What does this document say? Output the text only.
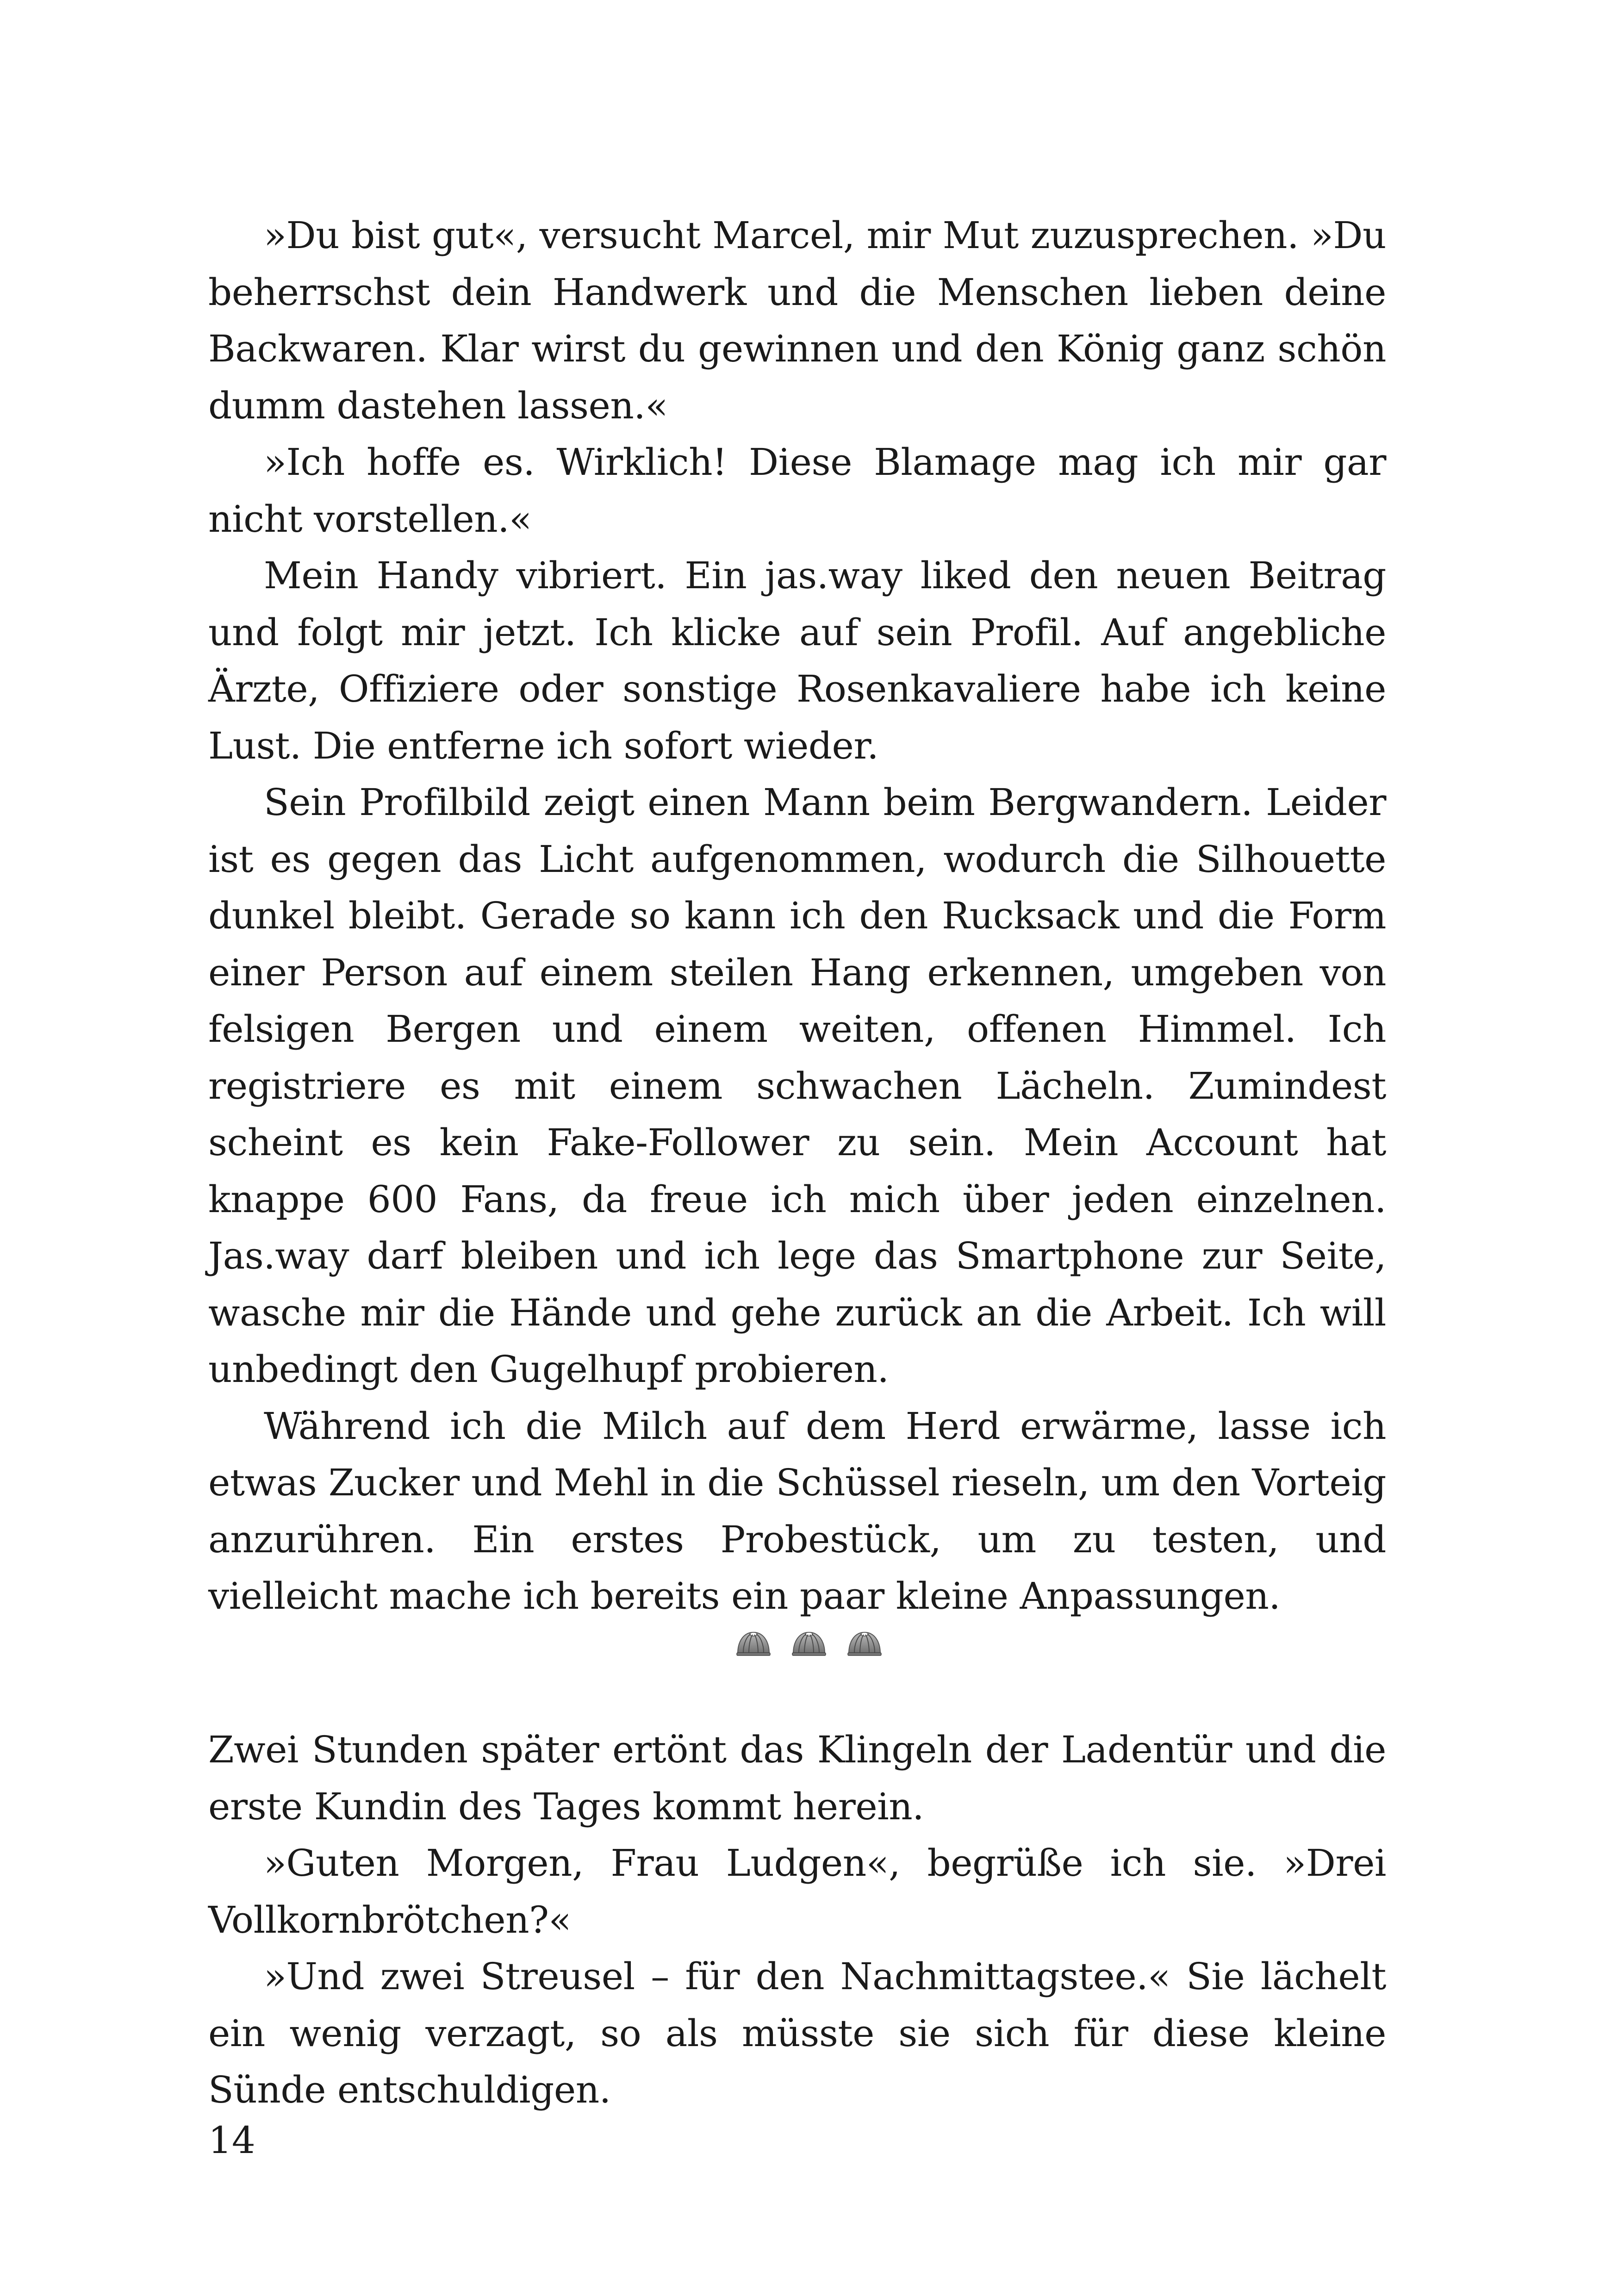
»Du bist gut«, versucht Marcel, mir Mut zuzusprechen. »Du beherrschst dein Handwerk und die Menschen lieben deine Backwaren. Klar wirst du gewinnen und den König ganz schön dumm dastehen lassen.«

»Ich hoffe es. Wirklich! Diese Blamage mag ich mir gar nicht vorstellen.«

Mein Handy vibriert. Ein jas.way liked den neuen Beitrag und folgt mir jetzt. Ich klicke auf sein Profil. Auf angebliche Ärzte, Offiziere oder sonstige Rosenkavaliere habe ich keine Lust. Die entferne ich sofort wieder.

Sein Profilbild zeigt einen Mann beim Bergwandern. Leider ist es gegen das Licht aufgenommen, wodurch die Silhouette dunkel bleibt. Gerade so kann ich den Rucksack und die Form einer Person auf einem steilen Hang erkennen, umgeben von felsigen Bergen und einem weiten, offenen Himmel. Ich registriere es mit einem schwachen Lächeln. Zumindest scheint es kein Fake-Follower zu sein. Mein Account hat knappe 600 Fans, da freue ich mich über jeden einzelnen. Jas.way darf bleiben und ich lege das Smartphone zur Seite, wasche mir die Hände und gehe zurück an die Arbeit. Ich will unbedingt den Gugelhupf probieren.

Während ich die Milch auf dem Herd erwärme, lasse ich etwas Zucker und Mehl in die Schüssel rieseln, um den Vorteig anzurühren. Ein erstes Probestück, um zu testen, und vielleicht mache ich bereits ein paar kleine Anpassungen.

Zwei Stunden später ertönt das Klingeln der Ladentür und die erste Kundin des Tages kommt herein.

»Guten Morgen, Frau Ludgen«, begrüße ich sie. »Drei Vollkornbrötchen?«

»Und zwei Streusel – für den Nachmittagstee.« Sie lächelt ein wenig verzagt, so als müsste sie sich für diese kleine Sünde entschuldigen.

14
